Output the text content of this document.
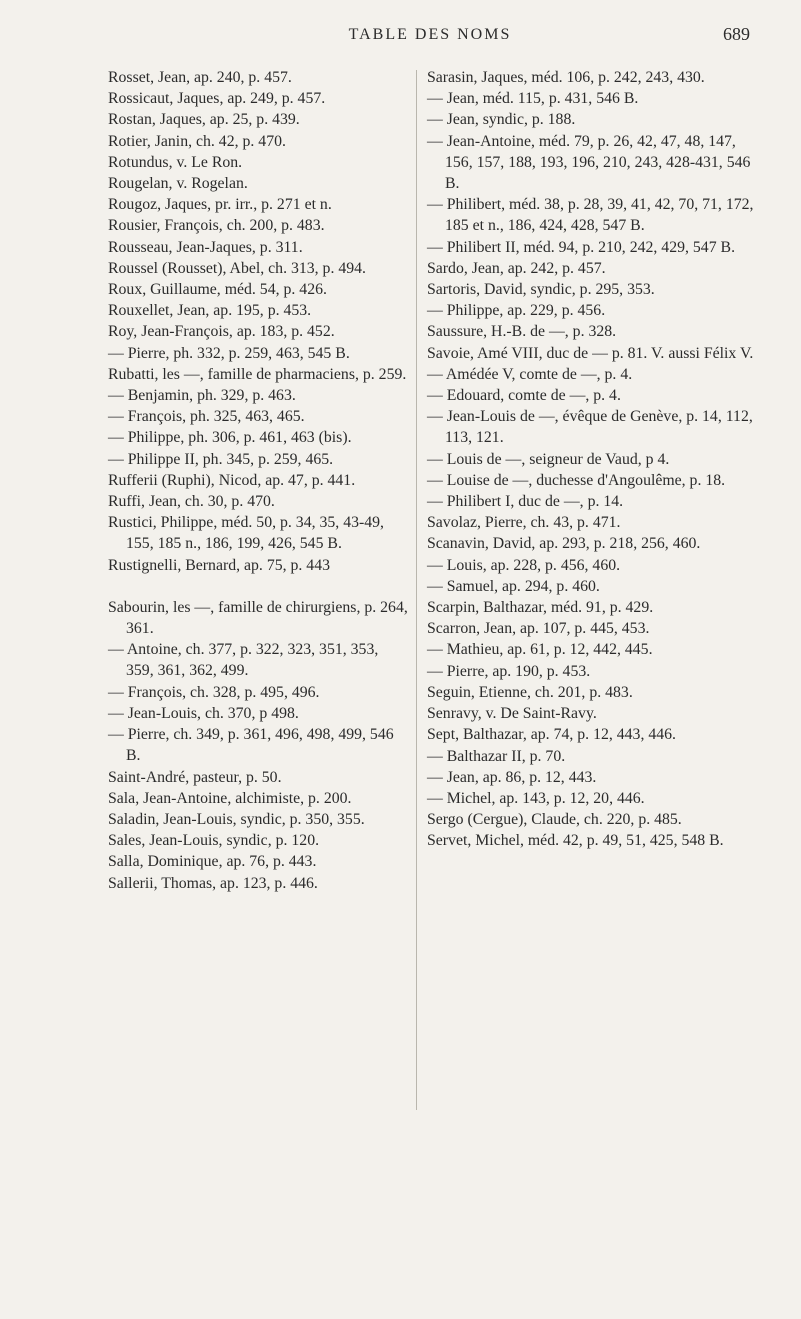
TABLE DES NOMS	689

Rosset, Jean, ap. 240, p. 457.

Rossicaut, Jaques, ap. 249, p. 457.

Rostan, Jaques, ap. 25, p. 439.

Rotier, Janin, ch. 42, p. 470.

Rotundus, v. Le Ron.

Rougelan, v. Rogelan.

Rougoz, Jaques, pr. irr., p. 271 et n.

Rousier, François, ch. 200, p. 483.

Rousseau, Jean-Jaques, p. 311.

Roussel (Rousset), Abel, ch. 313, p. 494.

Roux, Guillaume, méd. 54, p. 426.

Rouxellet, Jean, ap. 195, p. 453.

Roy, Jean-François, ap. 183, p. 452.

— Pierre, ph. 332, p. 259, 463, 545 B.

Rubatti, les —, famille de pharmaciens, p. 259.

— Benjamin, ph. 329, p. 463.

— François, ph. 325, 463, 465.

— Philippe, ph. 306, p. 461, 463 (bis).

— Philippe II, ph. 345, p. 259, 465.

Rufferii (Ruphi), Nicod, ap. 47, p. 441.

Ruffi, Jean, ch. 30, p. 470.

Rustici, Philippe, méd. 50, p. 34, 35, 43-49, 155, 185 n., 186, 199, 426, 545 B.

Rustignelli, Bernard, ap. 75, p. 443

Sabourin, les —, famille de chirurgiens, p. 264, 361.

— Antoine, ch. 377, p. 322, 323, 351, 353, 359, 361, 362, 499.

— François, ch. 328, p. 495, 496.

— Jean-Louis, ch. 370, p 498.

— Pierre, ch. 349, p. 361, 496, 498, 499, 546 B.

Saint-André, pasteur, p. 50.

Sala, Jean-Antoine, alchimiste, p. 200.

Saladin, Jean-Louis, syndic, p. 350, 355.

Sales, Jean-Louis, syndic, p. 120.

Salla, Dominique, ap. 76, p. 443.

Sallerii, Thomas, ap. 123, p. 446.

Sarasin, Jaques, méd. 106, p. 242, 243, 430.

— Jean, méd. 115, p. 431, 546 B.

— Jean, syndic, p. 188.

— Jean-Antoine, méd. 79, p. 26, 42, 47, 48, 147, 156, 157, 188, 193, 196, 210, 243, 428-431, 546 B.

— Philibert, méd. 38, p. 28, 39, 41, 42, 70, 71, 172, 185 et n., 186, 424, 428, 547 B.

— Philibert II, méd. 94, p. 210, 242, 429, 547 B.

Sardo, Jean, ap. 242, p. 457.

Sartoris, David, syndic, p. 295, 353.

— Philippe, ap. 229, p. 456.

Saussure, H.-B. de —, p. 328.

Savoie, Amé VIII, duc de — p. 81. V. aussi Félix V.

— Amédée V, comte de —, p. 4.

— Edouard, comte de —, p. 4.

— Jean-Louis de —, évêque de Genève, p. 14, 112, 113, 121.

— Louis de —, seigneur de Vaud, p 4.

— Louise de —, duchesse d'Angoulême, p. 18.

— Philibert I, duc de —, p. 14.

Savolaz, Pierre, ch. 43, p. 471.

Scanavin, David, ap. 293, p. 218, 256, 460.

— Louis, ap. 228, p. 456, 460.

— Samuel, ap. 294, p. 460.

Scarpin, Balthazar, méd. 91, p. 429.

Scarron, Jean, ap. 107, p. 445, 453.

— Mathieu, ap. 61, p. 12, 442, 445.

— Pierre, ap. 190, p. 453.

Seguin, Etienne, ch. 201, p. 483.

Senravy, v. De Saint-Ravy.

Sept, Balthazar, ap. 74, p. 12, 443, 446.

— Balthazar II, p. 70.

— Jean, ap. 86, p. 12, 443.

— Michel, ap. 143, p. 12, 20, 446.

Sergo (Cergue), Claude, ch. 220, p. 485.

Servet, Michel, méd. 42, p. 49, 51, 425, 548 B.
